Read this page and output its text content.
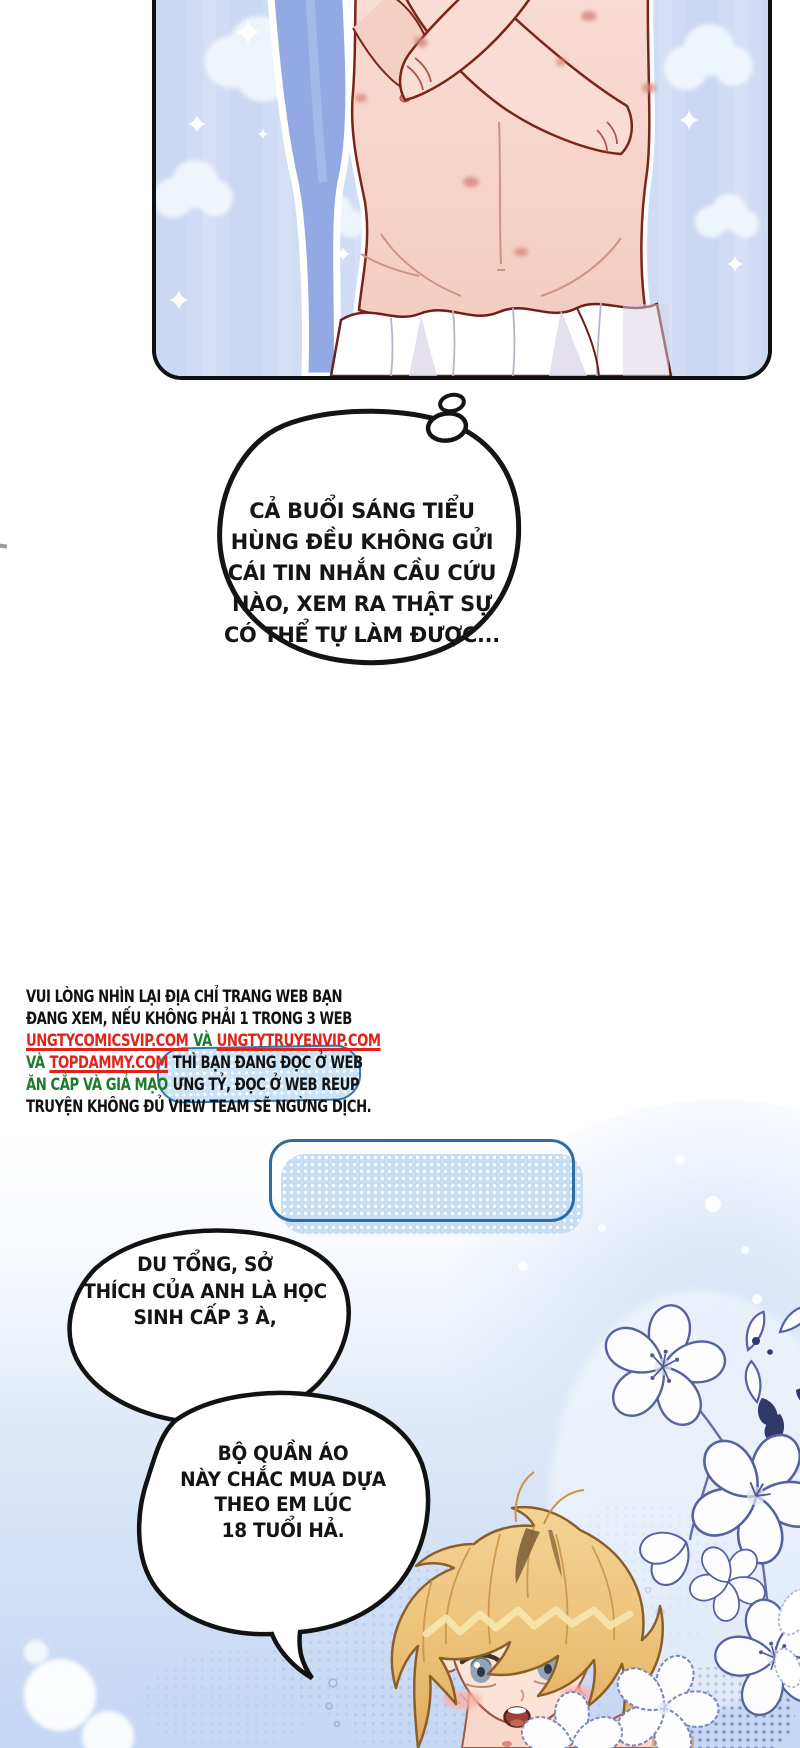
CẢ BUỔI SÁNG TIỂU
HÙNG ĐỀU KHÔNG GỬI
CÁI TIN NHẮN CẦU CỨU
NÀO, XEM RA THẬT SỰ
CÓ THỂ TỰ LÀM ĐƯỢC...
VUI LÒNG NHÌN LẠI ĐỊA CHỈ TRANG WEB BẠN
ĐANG XEM, NẾU KHÔNG PHẢI 1 TRONG 3 WEB
UNGTYCOMICSVIP.COM VÀ UNGTYTRUYENVIP.COM
VÀ TOPDAMMY.COM THÌ BẠN ĐANG ĐỌC Ở WEB
ĂN CẮP VÀ GIẢ MẠO ƯNG TỶ, ĐỌC Ở WEB REUP
TRUYỆN KHÔNG ĐỦ VIEW TEAM SẼ NGỪNG DỊCH.
DU TỔNG, SỞ
THÍCH CỦA ANH LÀ HỌC
SINH CẤP 3 À,
BỘ QUẦN ÁO
NÀY CHẮC MUA DỰA
THEO EM LÚC
18 TUỔI HẢ.
